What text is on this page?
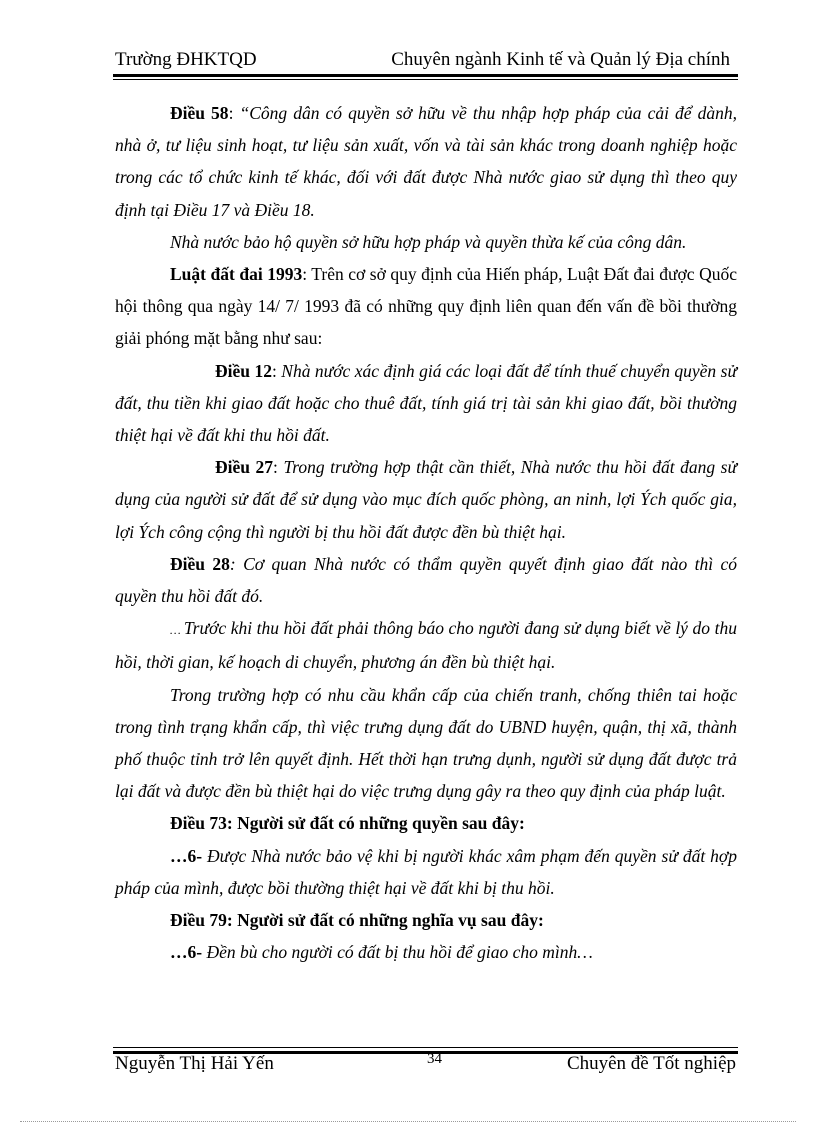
Trường ĐHKTQD	Chuyên ngành Kinh tế và Quản lý Địa chính

Điều 58: “Công dân có quyền sở hữu về thu nhập hợp pháp của cải để dành, nhà ở, tư liệu sinh hoạt, tư liệu sản xuất, vốn và tài sản khác trong doanh nghiệp hoặc trong các tổ chức kinh tế khác, đối với đất được Nhà nước giao sử dụng thì theo quy định tại Điều 17 và Điều 18.

Nhà nước bảo hộ quyền sở hữu hợp pháp và quyền thừa kế của công dân.

Luật đất đai 1993: Trên cơ sở quy định của Hiến pháp, Luật Đất đai được Quốc hội thông qua ngày 14/ 7/ 1993 đã có những quy định liên quan đến vấn đề bồi thường giải phóng mặt bằng như sau:

Điều 12: Nhà nước xác định giá các loại đất để tính thuế chuyển quyền sử đất, thu tiền khi giao đất hoặc cho thuê đất, tính giá trị tài sản khi giao đất, bồi thường thiệt hại về đất khi thu hồi đất.

Điều 27: Trong trường hợp thật cần thiết, Nhà nước thu hồi đất đang sử dụng của người sử đất để sử dụng vào mục đích quốc phòng, an ninh, lợi Ých quốc gia, lợi Ých công cộng thì người bị thu hồi đất được đền bù thiệt hại.

Điều 28: Cơ quan Nhà nước có thẩm quyền quyết định giao đất nào thì có quyền thu hồi đất đó.

… Trước khi thu hồi đất phải thông báo cho người đang sử dụng biết về lý do thu hồi, thời gian, kế hoạch di chuyển, phương án đền bù thiệt hại.

Trong trường hợp có nhu cầu khẩn cấp của chiến tranh, chống thiên tai hoặc trong tình trạng khẩn cấp, thì việc trưng dụng đất do UBND huyện, quận, thị xã, thành phố thuộc tỉnh trở lên quyết định. Hết thời hạn trưng dụnh, người sử dụng đất được trả lại đất và được đền bù thiệt hại do việc trưng dụng gây ra theo quy định của pháp luật.

Điều 73: Người sử đất có những quyền sau đây:

…6- Được Nhà nước bảo vệ khi bị người khác xâm phạm đến quyền sử đất hợp pháp của mình, được bồi thường thiệt hại về đất khi bị thu hồi.

Điều 79: Người sử đất có những nghĩa vụ sau đây:

…6- Đền bù cho người có đất bị thu hồi để giao cho mình…

Nguyễn Thị Hải Yến	34	Chuyên đề Tốt nghiệp
